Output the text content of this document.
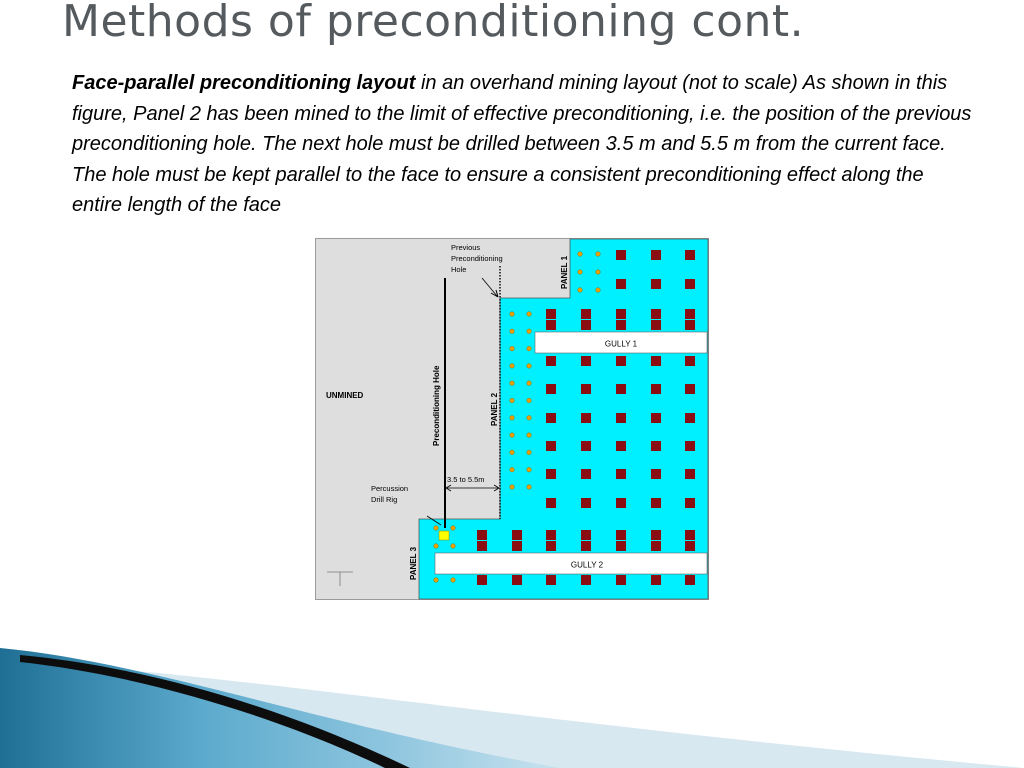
Methods of preconditioning cont.

Face-parallel preconditioning layout in an overhand mining layout (not to scale) As shown in this figure, Panel 2 has been mined to the limit of effective preconditioning, i.e. the position of the previous preconditioning hole. The next hole must be drilled between 3.5 m and 5.5 m from the current face. The hole must be kept parallel to the face to ensure a consistent preconditioning effect along the entire length of the face

GULLY 1
GULLY 2
Previous
Preconditioning
Hole	PANEL 1
PANEL 2
PANEL 3
Preconditioning Hole
UNMINED
3.5 to 5.5m
Percussion
Drill Rig
